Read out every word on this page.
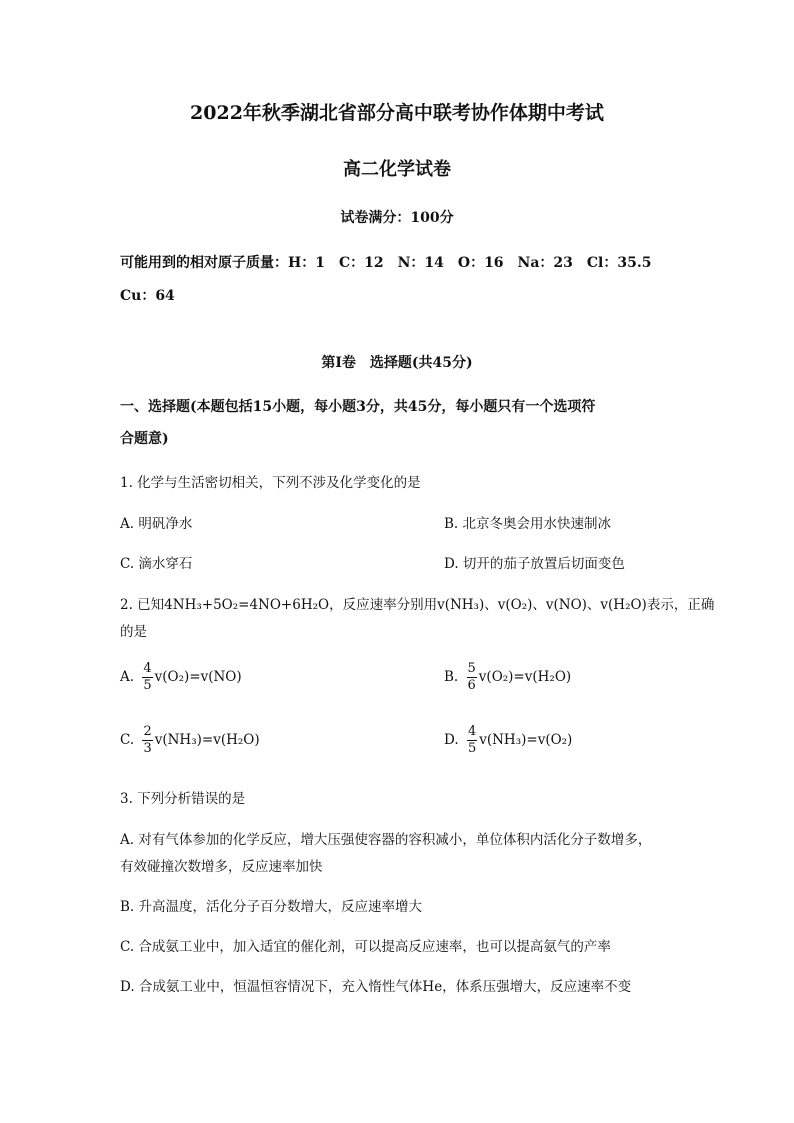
2022年秋季湖北省部分高中联考协作体期中考试
高二化学试卷
试卷满分：100分
可能用到的相对原子质量：H：1　C：12　N：14　O：16　Na：23　Cl：35.5
Cu：64
第Ⅰ卷　选择题(共45分)
一、选择题(本题包括15小题，每小题3分，共45分，每小题只有一个选项符
合题意)
1. 化学与生活密切相关，下列不涉及化学变化的是
A. 明矾净水	B. 北京冬奥会用水快速制冰
C. 滴水穿石	D. 切开的茄子放置后切面变色
2. 已知4NH₃+5O₂=4NO+6H₂O，反应速率分别用v(NH₃)、v(O₂)、v(NO)、v(H₂O)表示，正确
的是
A. $\frac{4}{5} v(O_2)=v(NO)$	B. $\frac{5}{6} v(O_2)=v(H_2O)$
C. $\frac{2}{3} v(NH_3)=v(H_2O)$	D. $\frac{4}{5} v(NH_3)=v(O_2)$
3. 下列分析错误的是
A. 对有气体参加的化学反应，增大压强使容器的容积减小，单位体积内活化分子数增多，
有效碰撞次数增多，反应速率加快
B. 升高温度，活化分子百分数增大，反应速率增大
C. 合成氨工业中，加入适宜的催化剂，可以提高反应速率，也可以提高氨气的产率
D. 合成氨工业中，恒温恒容情况下，充入惰性气体He，体系压强增大，反应速率不变
